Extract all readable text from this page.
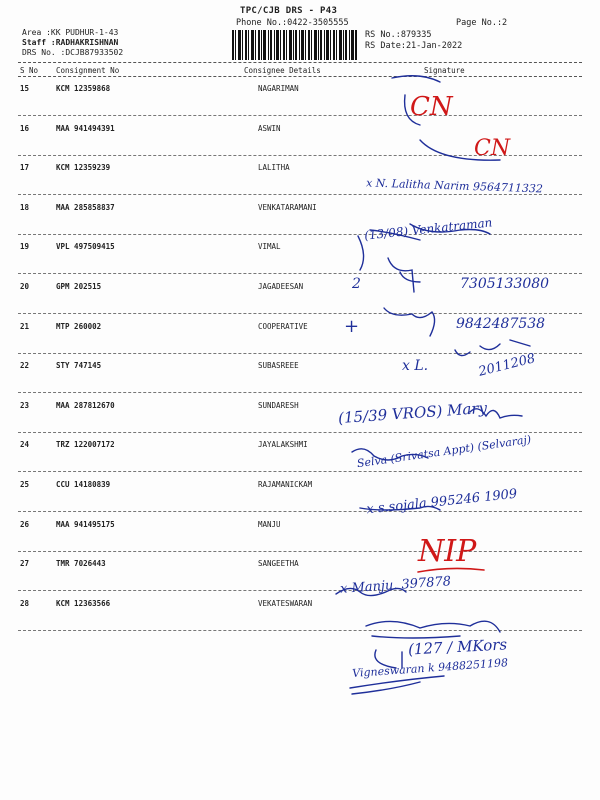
TPC/CJB DRS - P43
Phone No.:0422-3505555	Page No.:2
Area :KK PUDHUR-1-43
Staff :RADHAKRISHNAN
DRS No. :DCJB87933502
RS No.:879335
RS Date:21-Jan-2022
S No Consignment No	Consignee Details	Signature
15	KCM 12359868	NAGARIMAN
16	MAA 941494391	ASWIN
17	KCM 12359239	LALITHA
18	MAA 285858837	VENKATARAMANI
19	VPL 497509415	VIMAL
20	GPM 202515	JAGADEESAN
21	MTP 260002	COOPERATIVE
22	STY 747145	SUBASREEE
23	MAA 287812670	SUNDARESH
24	TRZ 122007172	JAYALAKSHMI
25	CCU 14180839	RAJAMANICKAM
26	MAA 941495175	MANJU
27	TMR 7026443	SANGEETHA
28	KCM 12363566	VEKATESWARAN
CN
CN
x N. Lalitha Narim 9564711332
(13/08) Venkatraman
2	7305133080
+	9842487538
x L.	2011208
(15/39 VROS) Mary
Selva (Srivatsa Appt) (Selvaraj)
x s.sojala 995246 1909
NIP
x Manju. 397878
(127 / MKors
Vigneswaran k 9488251198
